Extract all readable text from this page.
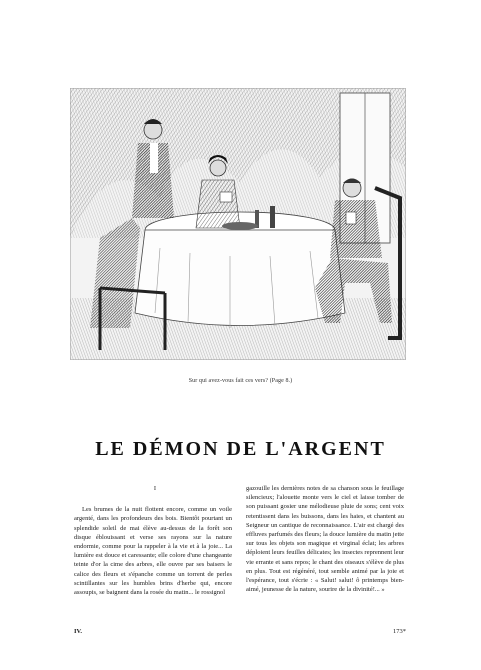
Sur qui avez-vous fait ces vers? (Page 8.)
LE DÉMON DE L'ARGENT
I

Les brumes de la nuit flottent encore, comme un voile argenté, dans les profondeurs des bois. Bientôt pourtant un splendide soleil de mai élève au-dessus de la forêt son disque éblouissant et verse ses rayons sur la nature endormie, comme pour la rappeler à la vie et à la joie... La lumière est douce et caressante; elle colore d'une changeante teinte d'or la cime des arbres, elle ouvre par ses baisers le calice des fleurs et s'épanche comme un torrent de perles scintillantes sur les humbles brins d'herbe qui, encore assoupis, se baignent dans la rosée du matin... le rossignol

gazouille les dernières notes de sa chanson sous le feuillage silencieux; l'alouette monte vers le ciel et laisse tomber de son puissant gosier une mélodieuse pluie de sons; cent voix retentissent dans les buissons, dans les haies, et chantent au Seigneur un cantique de reconnaissance. L'air est chargé des effluves parfumés des fleurs; la douce lumière du matin jette sur tous les objets son magique et virginal éclat; les arbres déploient leurs feuilles délicates; les insectes reprennent leur vie errante et sans repos; le chant des oiseaux s'élève de plus en plus. Tout est régénéré, tout semble animé par la joie et l'espérance, tout s'écrie : « Salut! salut! ô printemps bien-aimé, jeunesse de la nature, sourire de la divinité!... »

IV.	173*
